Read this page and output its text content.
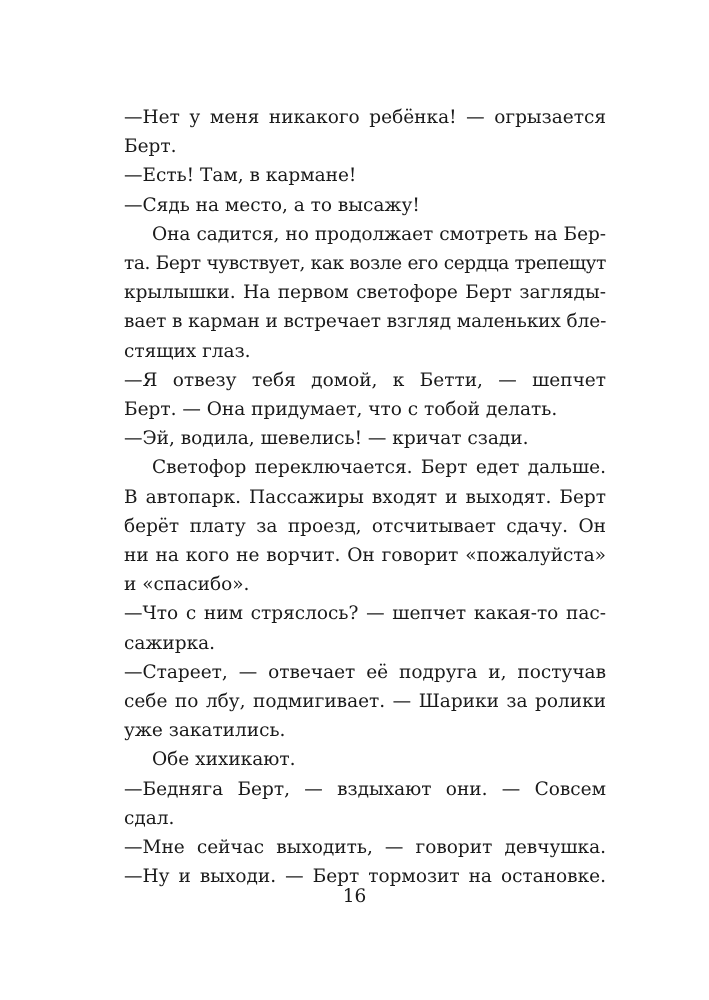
—Нет у меня никакого ребёнка! — огрызается
Берт.
—Есть! Там, в кармане!
—Сядь на место, а то высажу!
Она садится, но продолжает смотреть на Бер-
та. Берт чувствует, как возле его сердца трепещут
крылышки. На первом светофоре Берт загляды-
вает в карман и встречает взгляд маленьких бле-
стящих глаз.
—Я отвезу тебя домой, к Бетти, — шепчет
Берт. — Она придумает, что с тобой делать.
—Эй, водила, шевелись! — кричат сзади.
Светофор переключается. Берт едет дальше.
В автопарк. Пассажиры входят и выходят. Берт
берёт плату за проезд, отсчитывает сдачу. Он
ни на кого не ворчит. Он говорит «пожалуйста»
и «спасибо».
—Что с ним стряслось? — шепчет какая-то пас-
сажирка.
—Стареет, — отвечает её подруга и, постучав
себе по лбу, подмигивает. — Шарики за ролики
уже закатились.
Обе хихикают.
—Бедняга Берт, — вздыхают они. — Совсем
сдал.
—Мне сейчас выходить, — говорит девчушка.
—Ну и выходи. — Берт тормозит на остановке.
16
